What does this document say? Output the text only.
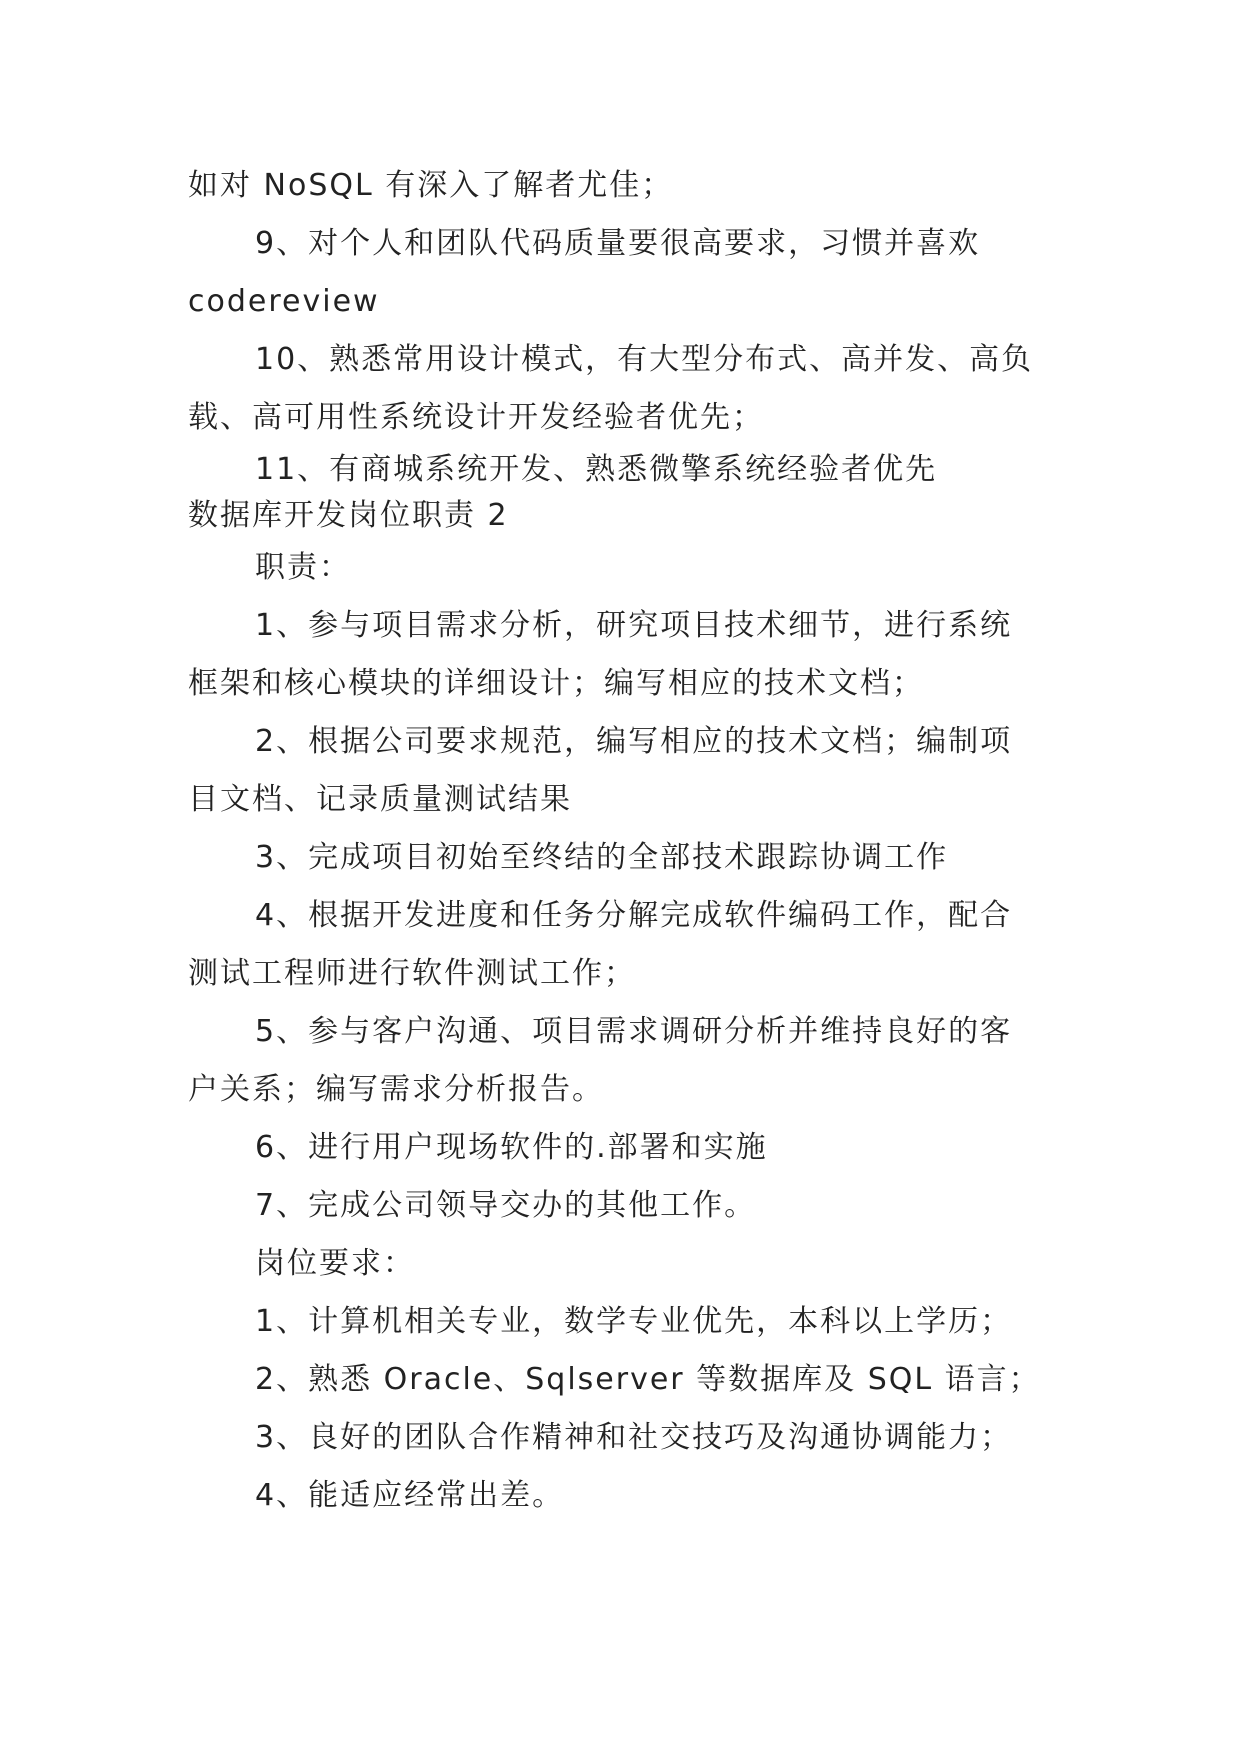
如对 NoSQL 有深入了解者尤佳；
9、对个人和团队代码质量要很高要求，习惯并喜欢
codereview
10、熟悉常用设计模式，有大型分布式、高并发、高负
载、高可用性系统设计开发经验者优先；
11、有商城系统开发、熟悉微擎系统经验者优先
数据库开发岗位职责 2
职责：
1、参与项目需求分析，研究项目技术细节，进行系统
框架和核心模块的详细设计；编写相应的技术文档；
2、根据公司要求规范，编写相应的技术文档；编制项
目文档、记录质量测试结果
3、完成项目初始至终结的全部技术跟踪协调工作
4、根据开发进度和任务分解完成软件编码工作，配合
测试工程师进行软件测试工作；
5、参与客户沟通、项目需求调研分析并维持良好的客
户关系；编写需求分析报告。
6、进行用户现场软件的.部署和实施
7、完成公司领导交办的其他工作。
岗位要求：
1、计算机相关专业，数学专业优先，本科以上学历；
2、熟悉 Oracle、Sqlserver 等数据库及 SQL 语言；
3、良好的团队合作精神和社交技巧及沟通协调能力；
4、能适应经常出差。
